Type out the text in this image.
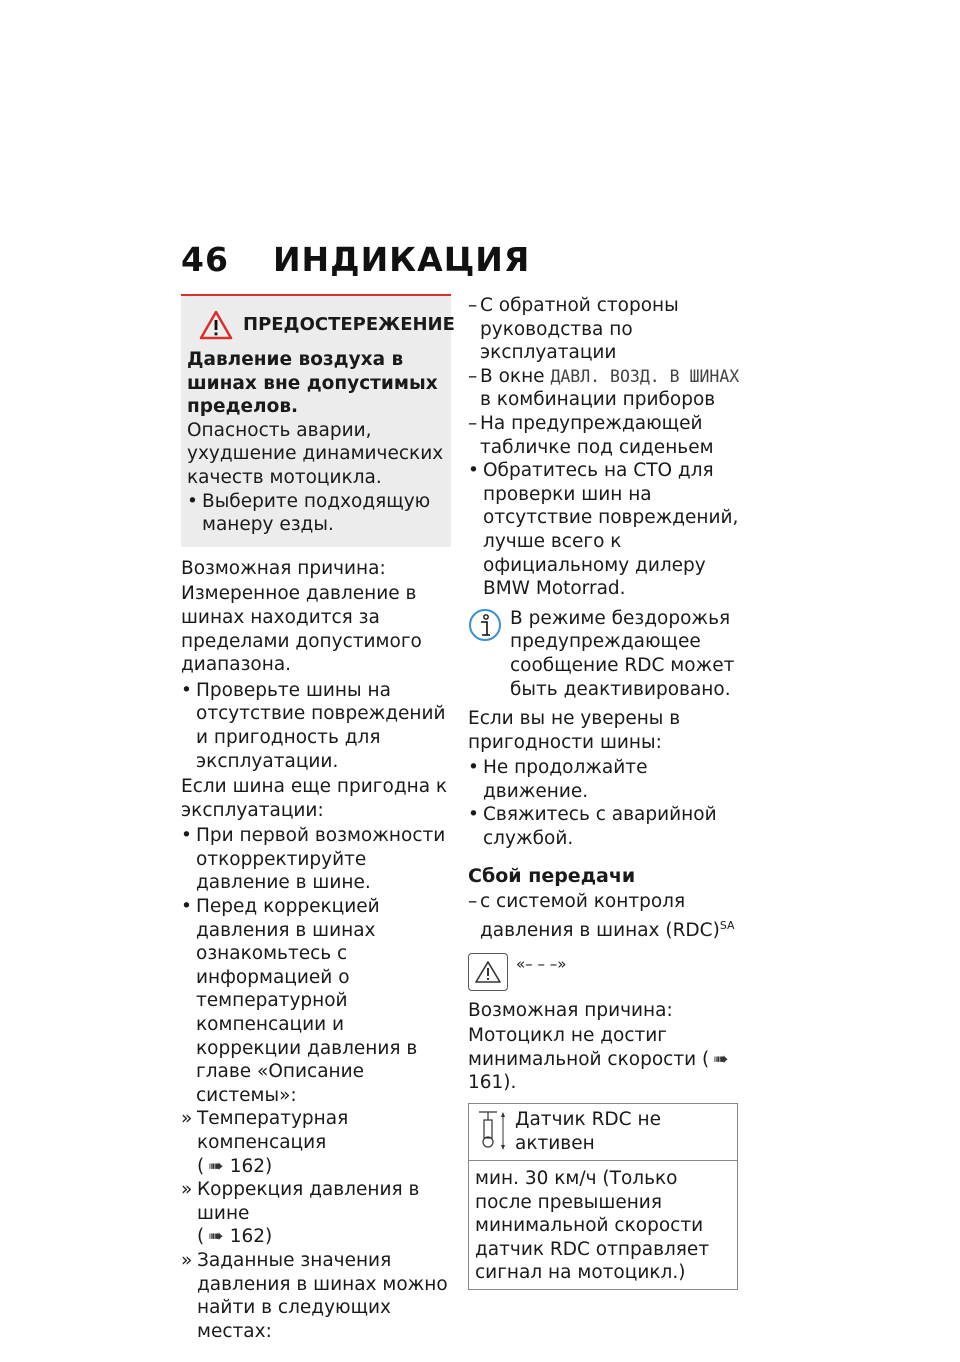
46 ИНДИКАЦИЯ
ПРЕДОСТЕРЕЖЕНИЕ

Давление воздуха в шинах вне допустимых пределов.

Опасность аварии, ухудшение динамических качеств мотоцикла.

• Выберите подходящую манеру езды.

Возможная причина:

Измеренное давление в шинах находится за пределами допустимого диапазона.

• Проверьте шины на отсутствие повреждений и пригодность для эксплуатации.

Если шина еще пригодна к эксплуатации:

• При первой возможности откорректируйте давление в шине.
• Перед коррекцией давления в шинах ознакомьтесь с информацией о температурной компенсации и коррекции давления в главе «Описание системы»:
» Температурная компенсация
( ➠ 162)
» Коррекция давления в шине
( ➠ 162)
» Заданные значения давления в шинах можно найти в следующих местах:
– С обратной стороны руководства по эксплуатации
– В окне ДАВЛ. ВОЗД. В ШИНАХ в комбинации приборов
– На предупреждающей табличке под сиденьем
• Обратитесь на СТО для проверки шин на отсутствие повреждений, лучше всего к официальному дилеру BMW Motorrad.

В режиме бездорожья предупреждающее сообщение RDC может быть деактивировано.

Если вы не уверены в пригодности шины:

• Не продолжайте движение.
• Свяжитесь с аварийной службой.

Сбой передачи

– с системой контроля давления в шинах (RDC)$^{SA}$
«– – –»

Возможная причина:

Мотоцикл не достиг минимальной скорости ( ➠161).

Датчик RDC не активен
мин. 30 км/ч (Только после превышения минимальной скорости датчик RDC отправляет сигнал на мотоцикл.)
